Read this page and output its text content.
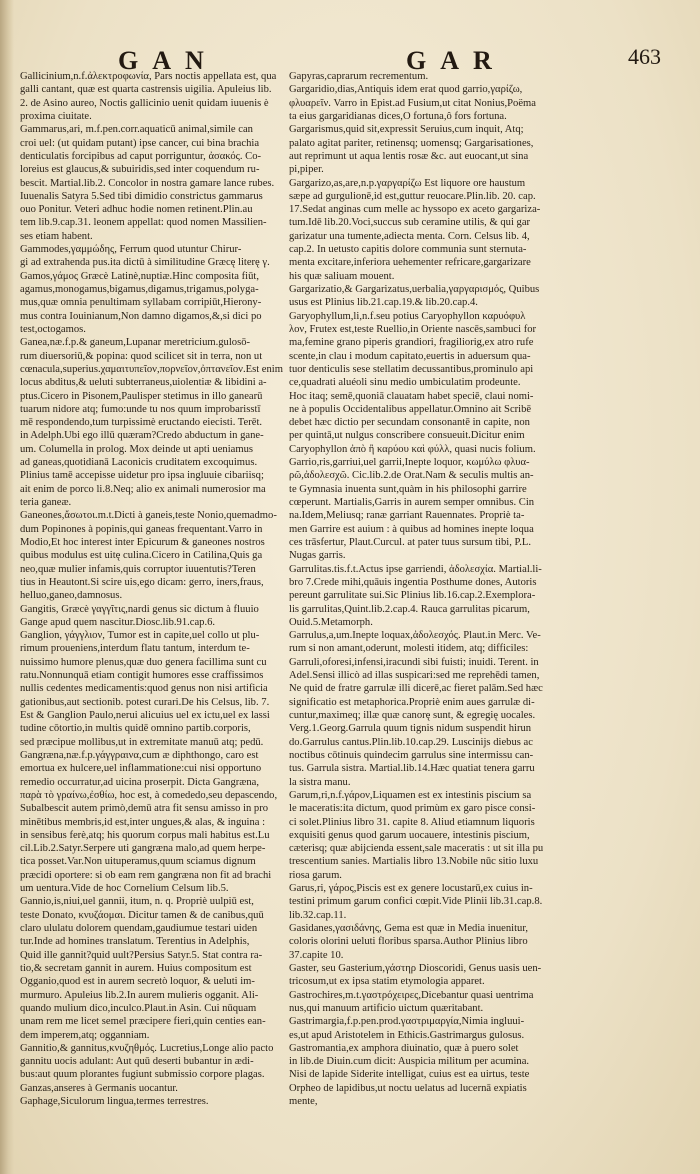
GAN	GAR	463
Gallicinium,n.f.ἀλεκτροφωνία, Pars noctis appellata est, qua
galli cantant, quæ est quarta castrensis uigilia. Apuleius lib.
2. de Asino aureo, Noctis gallicinio uenit quidam iuuenis è
proxima ciuitate.
Gammarus,ari, m.f.pen.corr.aquaticū animal,simile can
croi uel: (ut quidam putant) ipse cancer, cui bina brachia
denticulatis forcipibus ad caput porriguntur, ἀσακός. Co-
loreius est glaucus,& subuiridis,sed inter coquendum ru-
bescit. Martial.lib.2. Concolor in nostra gamare lance rubes.
Iuuenalis Satyra 5.Sed tibi dimidio constrictus gammarus
ouo Ponitur. Veteri adhuc hodie nomen retinent.Plin.au
tem lib.9.cap.31. leonem appellat: quod nomen Massilien-
ses etiam habent.
Gammodes,γαμμώδης, Ferrum quod utuntur Chirur-
gi ad extrahenda pus.ita dictū à similitudine Græcę literę γ.
Gamos,γάμος Græcè Latinè,nuptiæ.Hinc composita fiūt,
agamus,monogamus,bigamus,digamus,trigamus,polyga-
mus,quæ omnia penultimam syllabam corripiūt,Hierony-
mus contra Iouinianum,Non damno digamos,&,si dici po
test,octogamos.
Ganea,næ.f.p.& ganeum,Lupanar meretricium.gulosō-
rum diuersoriū,& popina: quod scilicet sit in terra, non ut
cœnacula,superius.χαμαιτυπεῖον,πορνεῖον,ὀπτανεῖον.Est enim
locus abditus,& ueluti subterraneus,uiolentiæ & libidini a-
ptus.Cicero in Pisonem,Paulisper stetimus in illo ganearū
tuarum nidore atq; fumo:unde tu nos quum improbarisstī
mē respondendo,tum turpissimè eructando eiecisti. Terēt.
in Adelph.Ubi ego illū quæram?Credo abductum in gane-
um. Columella in prolog. Mox deinde ut apti ueniamus
ad ganeas,quotidianā Laconicis cruditatem excoquimus.
Plinius tamē accepisse uidetur pro ipsa ingluuie cibariisq;
ait enim de porco li.8.Neq; alio ex animali numerosior ma
teria ganeæ.
Ganeones,ἄσωτοι.m.t.Dicti à ganeis,teste Nonio,quemadmo-
dum Popinones à popinis,qui ganeas frequentant.Varro in
Modio,Et hoc interest inter Epicurum & ganeones nostros
quibus modulus est uitę culina.Cicero in Catilina,Quis ga
neo,quæ mulier infamis,quis corruptor iuuentutis?Teren
tius in Heautont.Si scire uis,ego dicam: gerro, iners,fraus,
helluo,ganeo,damnosus.
Gangitis, Græcè γαγγῖτις,nardi genus sic dictum à fluuio
Gange apud quem nascitur.Diosc.lib.91.cap.6.
Ganglion, γάγγλιον, Tumor est in capite,uel collo ut plu-
rimum proueniens,interdum flatu tantum, interdum te-
nuissimo humore plenus,quæ duo genera facillima sunt cu
ratu.Nonnunquā etiam contigit humores esse craffissimos
nullis cedentes medicamentis:quod genus non nisi artificia
gationibus,aut sectionib. potest curari.De his Celsus, lib. 7.
Est & Ganglion Paulo,nerui alicuius uel ex ictu,uel ex lassi
tudine cōtortio,in multis quidē omnino partib.corporis,
sed præcipue mollibus,ut in extremitate manuū atq; pedū.
Gangræna,næ.f.p.γάγγραινα,cum æ diphthongo, caro est
emortua ex hulcere,uel inflammatione:cui nisi opportuno
remedio occurratur,ad uicina proserpit. Dicta Gangræna,
παρὰ τὸ γραίνω,ἐσθίω, hoc est, à comededo,seu depascendo,
Subalbescit autem primò,demū atra fit sensu amisso in pro
minētibus membris,id est,inter ungues,& alas, & inguina :
in sensibus ferè,atq; his quorum corpus mali habitus est.Lu
cil.Lib.2.Satyr.Serpere uti gangræna malo,ad quem herpe-
tica posset.Var.Non uituperamus,quum sciamus dignum
præcidi oportere: si ob eam rem gangræna non fit ad brachi
um uentura.Vide de hoc Cornelium Celsum lib.5.
Gannio,is,niui,uel gannii, itum, n. q. Propriè uulpiū est,
teste Donato, κνυζάομαι. Dicitur tamen & de canibus,quū
claro ululatu dolorem quendam,gaudiumue testari uiden
tur.Inde ad homines translatum. Terentius in Adelphis,
Quid ille gannit?quid uult?Persius Satyr.5. Stat contra ra-
tio,& secretam gannit in aurem. Huius compositum est
Ogganio,quod est in aurem secretò loquor, & ueluti im-
murmuro. Apuleius lib.2.In aurem mulieris ogganit. Ali-
quando mulium dico,inculco.Plaut.in Asin. Cui nūquam
unam rem me licet semel præcipere fieri,quin centies ean-
dem imperem,atq; ogganniam.
Gannitio,& gannitus,κνυζηθμός. Lucretius,Longe alio pacto
gannitu uocis adulant: Aut quū deserti bubantur in ædi-
bus:aut quum plorantes fugiunt submissio corpore plagas.
Ganzas,anseres à Germanis uocantur.
Gaphage,Siculorum lingua,termes terrestres.
Gapyras,caprarum recrementum.
Gargaridio,dias,Antiquis idem erat quod garrio,γαρίζω,
φλυαρεῖν. Varro in Epist.ad Fusium,ut citat Nonius,Poëma
ta eius gargaridianas dices,O fortuna,ô fors fortuna.
Gargarismus,quid sit,expressit Seruius,cum inquit, Atq;
palato agitat pariter, retinensq; uomensq; Gargarisationes,
aut reprimunt ut aqua lentis rosæ &c. aut euocant,ut sina
pi,piper.
Gargarizo,as,are,n.p.γαργαρίζω Est liquore ore haustum
sæpe ad gurgulionē,id est,guttur reuocare.Plin.lib. 20. cap.
17.Sedat anginas cum melle ac hyssopo ex aceto gargariza-
tum.Idē lib.20.Voci,succus sub ceramine utilis, & qui gar
garizatur una tumente,adiecta menta. Corn. Celsus lib. 4,
cap.2. In uetusto capitis dolore communia sunt sternuta-
menta excitare,inferiora uehementer refricare,gargarizare
his quæ saliuam mouent.
Gargarizatio,& Gargarizatus,uerbalia,γαργαρισμός, Quibus
usus est Plinius lib.21.cap.19.& lib.20.cap.4.
Garyophyllum,li,n.f.seu potius Caryophyllon καρυόφυλ
λον, Frutex est,teste Ruellio,in Oriente nascēs,sambuci for
ma,femine grano piperis grandiori, fragiliorig,ex atro rufe
scente,in clau i modum capitato,euertis in aduersum qua-
tuor denticulis sese stellatim decussantibus,prominulo api
ce,quadrati aluéoli sinu medio umbiculatim prodeunte.
Hoc itaq; semē,quoniā clauatam habet speciē, claui nomi-
ne à populis Occidentalibus appellatur.Omnino ait Scribē
debet hæc dictio per secundam consonantē in capite, non
per quintā,ut nulgus conscribere consueuit.Dicitur enim
Caryophyllon ἀπὸ ἢ καρύου καὶ φύλλ, quasi nucis folium.
Garrio,ris,garriui,uel garrii,Inepte loquor, κωμύλω φλυα-
ρῶ,ἀδολεσχῶ. Cic.lib.2.de Orat.Nam & seculis multis an-
te Gymnasia inuenta sunt,quàm in his philosophi garrire
cœperunt. Martialis,Garris in aurem semper omnibus. Cin
na.Idem,Meliusq; ranæ garriant Rauennates. Propriè ta-
men Garrire est auium : à quibus ad homines inepte loqua
ces trāsfertur, Plaut.Curcul. at pater tuus sursum tibi, P.L.
Nugas garris.
Garrulitas.tis.f.t.Actus ipse garriendi, ἀδολεσχία. Martial.li-
bro 7.Crede mihi,quāuis ingentia Posthume dones, Autoris
pereunt garrulitate sui.Sic Plinius lib.16.cap.2.Exemplora-
lis garrulitas,Quint.lib.2.cap.4. Rauca garrulitas picarum,
Ouid.5.Metamorph.
Garrulus,a,um.Inepte loquax,ἀδολεσχός. Plaut.in Merc. Ve-
rum si non amant,oderunt, molesti itidem, atq; difficiles:
Garruli,oforesi,infensi,iracundi sibi fuisti; inuidi. Terent. in
Adel.Sensi illicò ad illas suspicari:sed me reprehēdi tamen,
Ne quid de fratre garrulæ illi dicerē,ac fieret palām.Sed hæc
significatio est metaphorica.Propriè enim aues garrulæ di-
cuntur,maximeq; illæ quæ canorę sunt, & egregię uocales.
Verg.1.Georg.Garrula quum tignis nidum suspendit hirun
do.Garrulus cantus.Plin.lib.10.cap.29. Luscinijs diebus ac
noctibus cōtinuis quindecim garrulus sine intermissu can-
tus. Garrula sistra. Martial.lib.14.Hæc quatiat tenera garru
la sistra manu.
Garum,ri,n.f.γάρον,Liquamen est ex intestinis piscium sa
le maceratis:ita dictum, quod primùm ex garo pisce consi-
ci solet.Plinius libro 31. capite 8. Aliud etiamnum liquoris
exquisiti genus quod garum uocauere, intestinis piscium,
cæterisq; quæ abijcienda essent,sale maceratis : ut sit illa pu
trescentium sanies. Martialis libro 13.Nobile nūc sitio luxu
riosa garum.
Garus,ri, γάρος,Piscis est ex genere locustarū,ex cuius in-
testini primum garum confici cœpit.Vide Plinii lib.31.cap.8.
lib.32.cap.11.
Gasidanes,γασιδάνης, Gema est quæ in Media inuenitur,
coloris olorini ueluti floribus sparsa.Author Plinius libro
37.capite 10.
Gaster, seu Gasterium,γάστηρ Dioscoridi, Genus uasis uen-
tricosum,ut ex ipsa statim etymologia apparet.
Gastrochires,m.t.γαστρόχειρες,Dicebantur quasi uentrima
nus,qui manuum artificio uictum quæritabant.
Gastrimargia,f.p.pen.prod.γαστριμαργία,Nimia ingluui-
es,ut apud Aristotelem in Ethicis.Gastrimargus gulosus.
Gastromantia,ex amphora diuinatio, quæ à puero solet
in lib.de Diuin.cum dicit: Auspicia militum per acumina.
Nisi de lapide Siderite intelligat, cuius est ea uirtus, teste
Orpheo de lapidibus,ut noctu uelatus ad lucernā expiatis
mente,
